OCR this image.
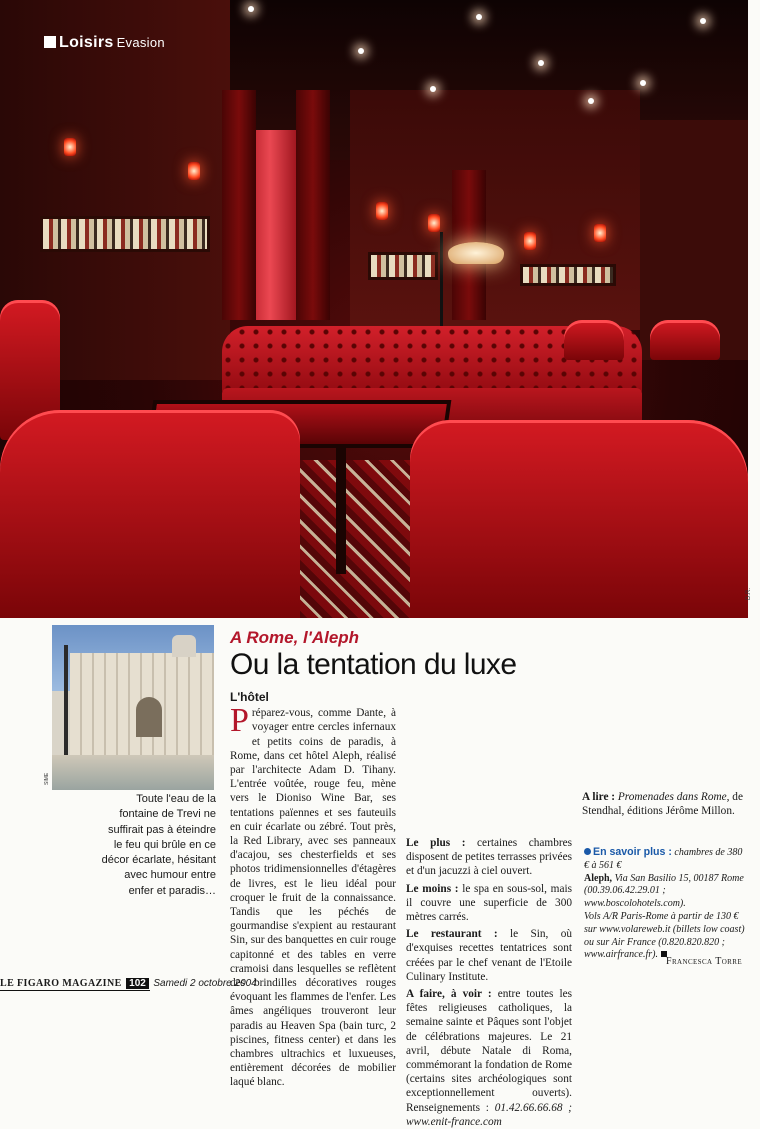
Loisirs Evasion
D.R.
SIME
Toute l'eau de la fontaine de Trevi ne suffirait pas à éteindre le feu qui brûle en ce décor écarlate, hésitant avec humour entre enfer et paradis…
A Rome, l'Aleph
Ou la tentation du luxe
L'hôtel

Préparez-vous, comme Dante, à voyager entre cercles infernaux et petits coins de paradis, à Rome, dans cet hôtel Aleph, réalisé par l'architecte Adam D. Tihany. L'entrée voûtée, rouge feu, mène vers le Dioniso Wine Bar, ses tentations païennes et ses fauteuils en cuir écarlate ou zébré. Tout près, la Red Library, avec ses panneaux d'acajou, ses chesterfields et ses photos tridimensionnelles d'étagères de livres, est le lieu idéal pour croquer le fruit de la connaissance. Tandis que les péchés de gourmandise s'expient au restaurant Sin, sur des banquettes en cuir rouge capitonné et des tables en verre cramoisi dans lesquelles se reflètent des brindilles décoratives rouges évoquant les flammes de l'enfer. Les âmes angéliques trouveront leur paradis au Heaven Spa (bain turc, 2 piscines, fitness center) et dans les chambres ultrachics et luxueuses, entièrement décorées de mobilier laqué blanc.

Le plus : certaines chambres disposent de petites terrasses privées et d'un jacuzzi à ciel ouvert.

Le moins : le spa en sous-sol, mais il couvre une superficie de 300 mètres carrés.

Le restaurant : le Sin, où d'exquises recettes tentatrices sont créées par le chef venant de l'Etoile Culinary Institute.

A faire, à voir : entre toutes les fêtes religieuses catholiques, la semaine sainte et Pâques sont l'objet de célébrations majeures. Le 21 avril, débute Natale di Roma, commémorant la fondation de Rome (certains sites archéologiques sont exceptionnellement ouverts). Renseignements : 01.42.66.66.68 ; www.enit-france.com

A lire : Promenades dans Rome, de Stendhal, éditions Jérôme Millon.

En savoir plus : chambres de 380 € à 561 €
Aleph, Via San Basilio 15, 00187 Rome (00.39.06.42.29.01 ; www.boscolohotels.com).
Vols A/R Paris-Rome à partir de 130 € sur www.volareweb.it (billets low coast) ou sur Air France (0.820.820.820 ; www.airfrance.fr).
Francesca Torre
LE FIGARO MAGAZINE 102 Samedi 2 octobre 2004
